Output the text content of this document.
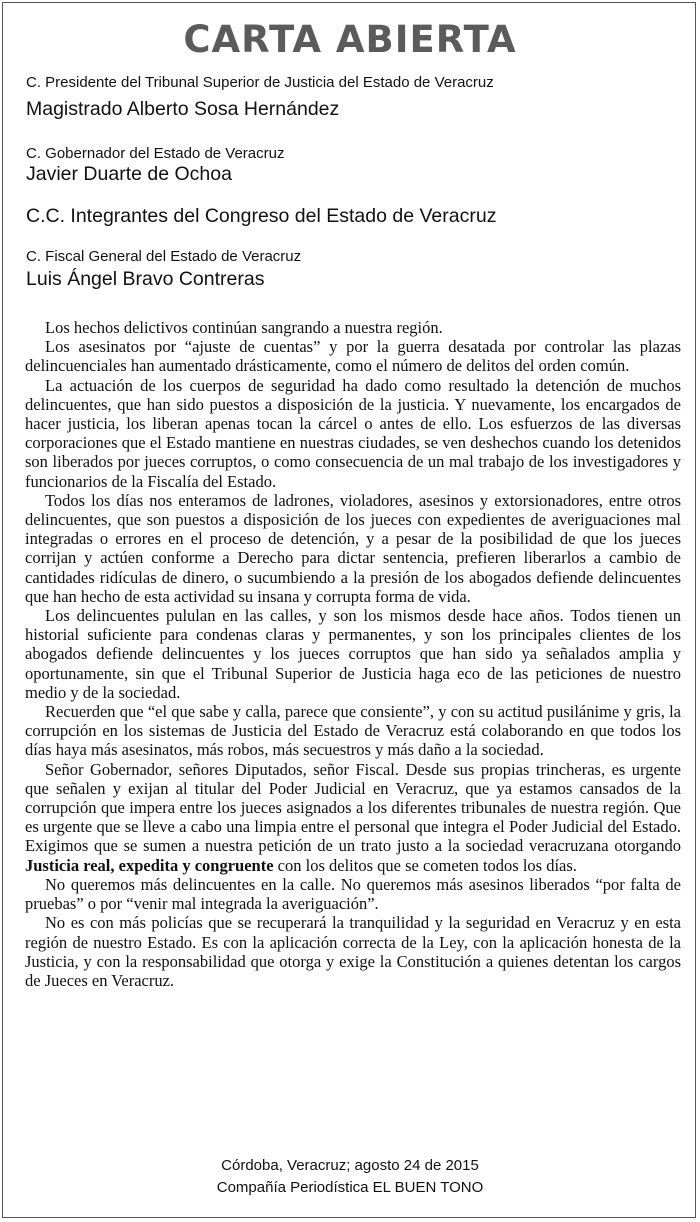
CARTA ABIERTA
C. Presidente del Tribunal Superior de Justicia del Estado de Veracruz
Magistrado Alberto Sosa Hernández
C. Gobernador del Estado de Veracruz
Javier Duarte de Ochoa
C.C. Integrantes del Congreso del Estado de Veracruz
C. Fiscal General del Estado de Veracruz
Luis Ángel Bravo Contreras

Los hechos delictivos continúan sangrando a nuestra región.

Los asesinatos por “ajuste de cuentas” y por la guerra desatada por controlar las plazas delincuenciales han aumentado drásticamente, como el número de delitos del orden común.

La actuación de los cuerpos de seguridad ha dado como resultado la detención de muchos delincuentes, que han sido puestos a disposición de la justicia. Y nuevamente, los encargados de hacer justicia, los liberan apenas tocan la cárcel o antes de ello. Los esfuerzos de las diversas corporaciones que el Estado mantiene en nuestras ciudades, se ven deshechos cuando los detenidos son liberados por jueces corruptos, o como consecuencia de un mal trabajo de los investigadores y funcionarios de la Fiscalía del Estado.

Todos los días nos enteramos de ladrones, violadores, asesinos y extorsionadores, entre otros delincuentes, que son puestos a disposición de los jueces con expedientes de averiguaciones mal integradas o errores en el proceso de detención, y a pesar de la posibilidad de que los jueces corrijan y actúen conforme a Derecho para dictar sentencia, prefieren liberarlos a cambio de cantidades ridículas de dinero, o sucumbiendo a la presión de los abogados defiende delincuentes que han hecho de esta actividad su insana y corrupta forma de vida.

Los delincuentes pululan en las calles, y son los mismos desde hace años. Todos tienen un historial suficiente para condenas claras y permanentes, y son los principales clientes de los abogados defiende delincuentes y los jueces corruptos que han sido ya señalados amplia y oportunamente, sin que el Tribunal Superior de Justicia haga eco de las peticiones de nuestro medio y de la sociedad.

Recuerden que “el que sabe y calla, parece que consiente”, y con su actitud pusilánime y gris, la corrupción en los sistemas de Justicia del Estado de Veracruz está colaborando en que todos los días haya más asesinatos, más robos, más secuestros y más daño a la sociedad.

Señor Gobernador, señores Diputados, señor Fiscal. Desde sus propias trincheras, es urgente que señalen y exijan al titular del Poder Judicial en Veracruz, que ya estamos cansados de la corrupción que impera entre los jueces asignados a los diferentes tribunales de nuestra región. Que es urgente que se lleve a cabo una limpia entre el personal que integra el Poder Judicial del Estado. Exigimos que se sumen a nuestra petición de un trato justo a la sociedad veracruzana otorgando Justicia real, expedita y congruente con los delitos que se cometen todos los días.

No queremos más delincuentes en la calle. No queremos más asesinos liberados “por falta de pruebas” o por “venir mal integrada la averiguación”.

No es con más policías que se recuperará la tranquilidad y la seguridad en Veracruz y en esta región de nuestro Estado. Es con la aplicación correcta de la Ley, con la aplicación honesta de la Justicia, y con la responsabilidad que otorga y exige la Constitución a quienes detentan los cargos de Jueces en Veracruz.

Córdoba, Veracruz; agosto 24 de 2015
Compañía Periodística EL BUEN TONO
